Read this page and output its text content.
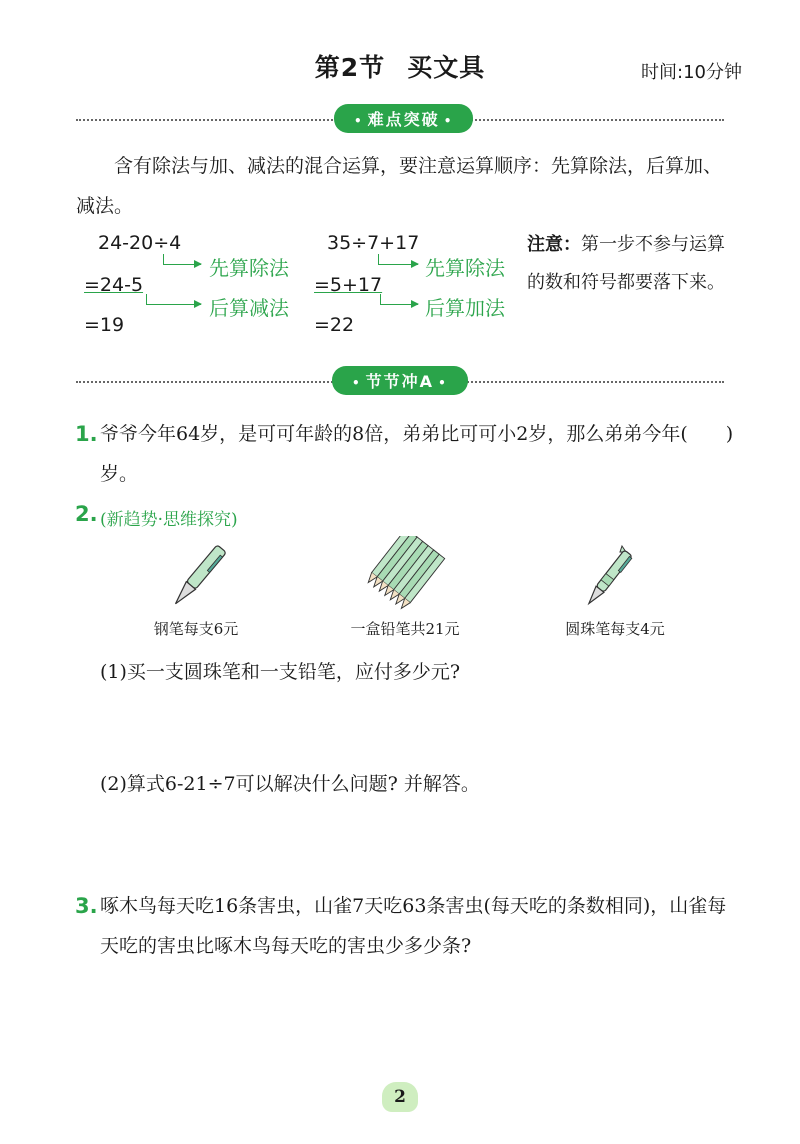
第2节 买文具	时间:10分钟
• 难点突破 •
含有除法与加、减法的混合运算，要注意运算顺序：先算除法，后算加、减法。
24-20÷4
先算除法
=24-5
后算减法
=19
35÷7+17
先算除法
=5+17
后算加法
=22
注意：第一步不参与运算的数和符号都要落下来。
• 节节冲A •
1. 爷爷今年64岁，是可可年龄的8倍，弟弟比可可小2岁，那么弟弟今年(　　)岁。
2. (新趋势·思维探究)
钢笔每支6元	一盒铅笔共21元	圆珠笔每支4元
(1)买一支圆珠笔和一支铅笔，应付多少元?
(2)算式6-21÷7可以解决什么问题? 并解答。
3. 啄木鸟每天吃16条害虫，山雀7天吃63条害虫(每天吃的条数相同)，山雀每天吃的害虫比啄木鸟每天吃的害虫少多少条?
2
